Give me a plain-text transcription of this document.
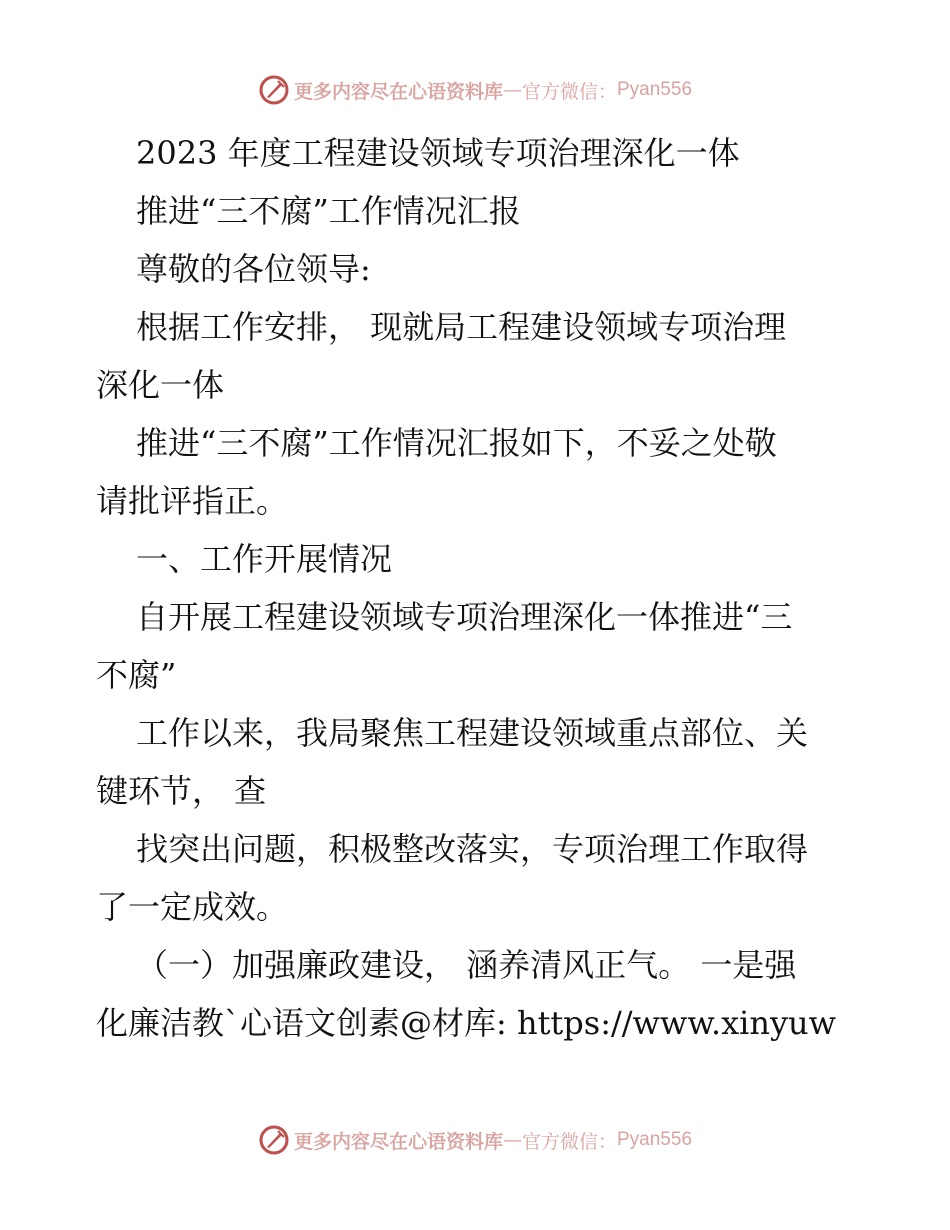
更多内容尽在心语资料库 — 官方微信： Pyan556
2023 年度工程建设领域专项治理深化一体
推进“三不腐”工作情况汇报
尊敬的各位领导:
根据工作安排， 现就局工程建设领域专项治理
深化一体
推进“三不腐”工作情况汇报如下，不妥之处敬
请批评指正。
一、工作开展情况
自开展工程建设领域专项治理深化一体推进“三
不腐”
工作以来，我局聚焦工程建设领域重点部位、关
键环节， 查
找突出问题，积极整改落实，专项治理工作取得
了一定成效。
（一）加强廉政建设， 涵养清风正气。 一是强
化廉洁教`心语文创素@材库: https://www.xinyuw
更多内容尽在心语资料库 — 官方微信： Pyan556
